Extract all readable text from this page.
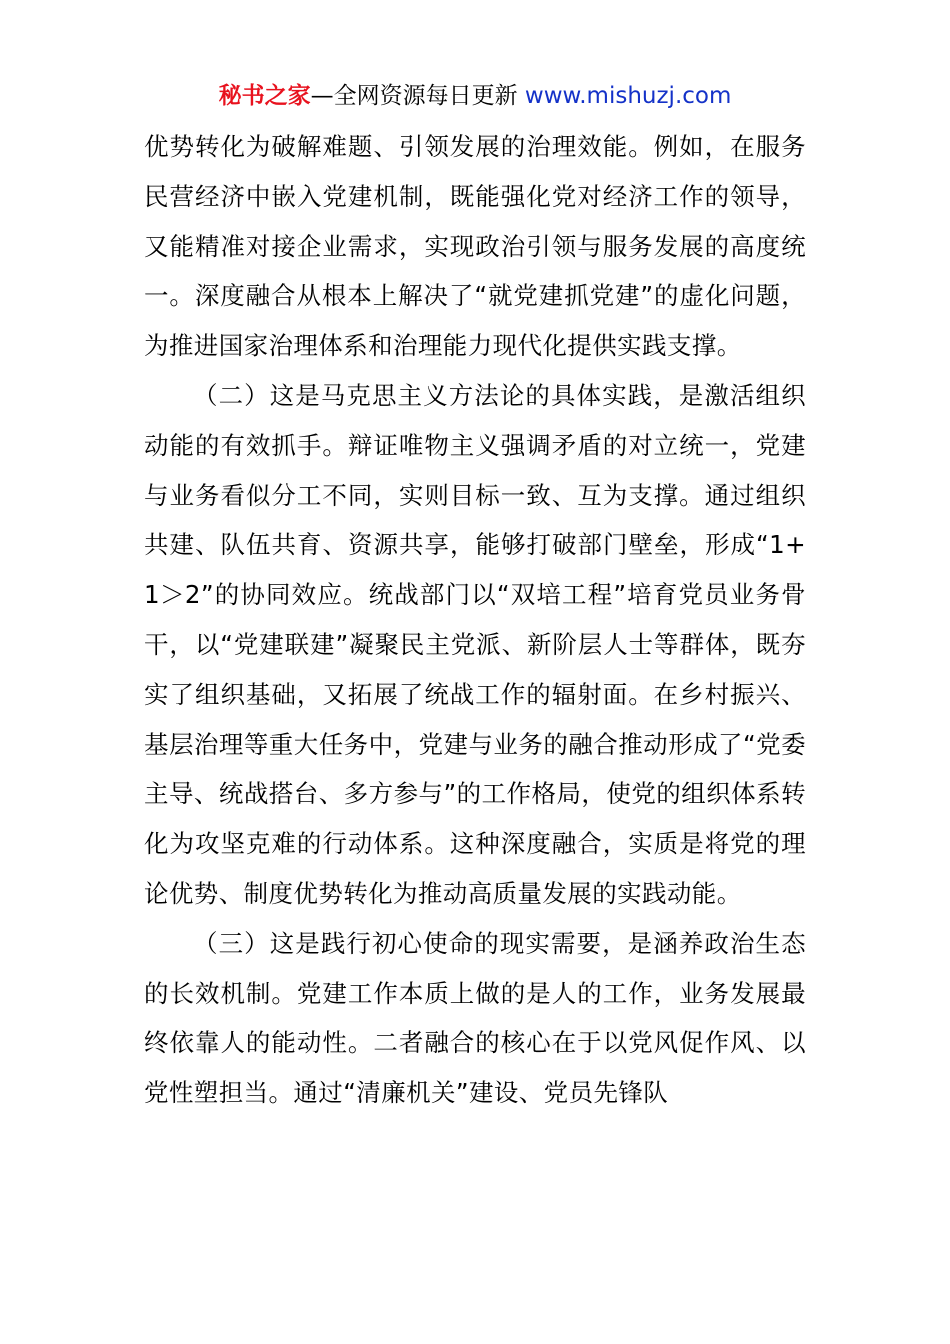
秘书之家—全网资源每日更新 www.mishuzj.com

优势转化为破解难题、引领发展的治理效能。例如，在服务民营经济中嵌入党建机制，既能强化党对经济工作的领导，又能精准对接企业需求，实现政治引领与服务发展的高度统一。深度融合从根本上解决了“就党建抓党建”的虚化问题，为推进国家治理体系和治理能力现代化提供实践支撑。

（二）这是马克思主义方法论的具体实践，是激活组织动能的有效抓手。辩证唯物主义强调矛盾的对立统一，党建与业务看似分工不同，实则目标一致、互为支撑。通过组织共建、队伍共育、资源共享，能够打破部门壁垒，形成“1+1＞2”的协同效应。统战部门以“双培工程”培育党员业务骨干，以“党建联建”凝聚民主党派、新阶层人士等群体，既夯实了组织基础，又拓展了统战工作的辐射面。在乡村振兴、基层治理等重大任务中，党建与业务的融合推动形成了“党委主导、统战搭台、多方参与”的工作格局，使党的组织体系转化为攻坚克难的行动体系。这种深度融合，实质是将党的理论优势、制度优势转化为推动高质量发展的实践动能。

（三）这是践行初心使命的现实需要，是涵养政治生态的长效机制。党建工作本质上做的是人的工作，业务发展最终依靠人的能动性。二者融合的核心在于以党风促作风、以党性塑担当。通过“清廉机关”建设、党员先锋队
